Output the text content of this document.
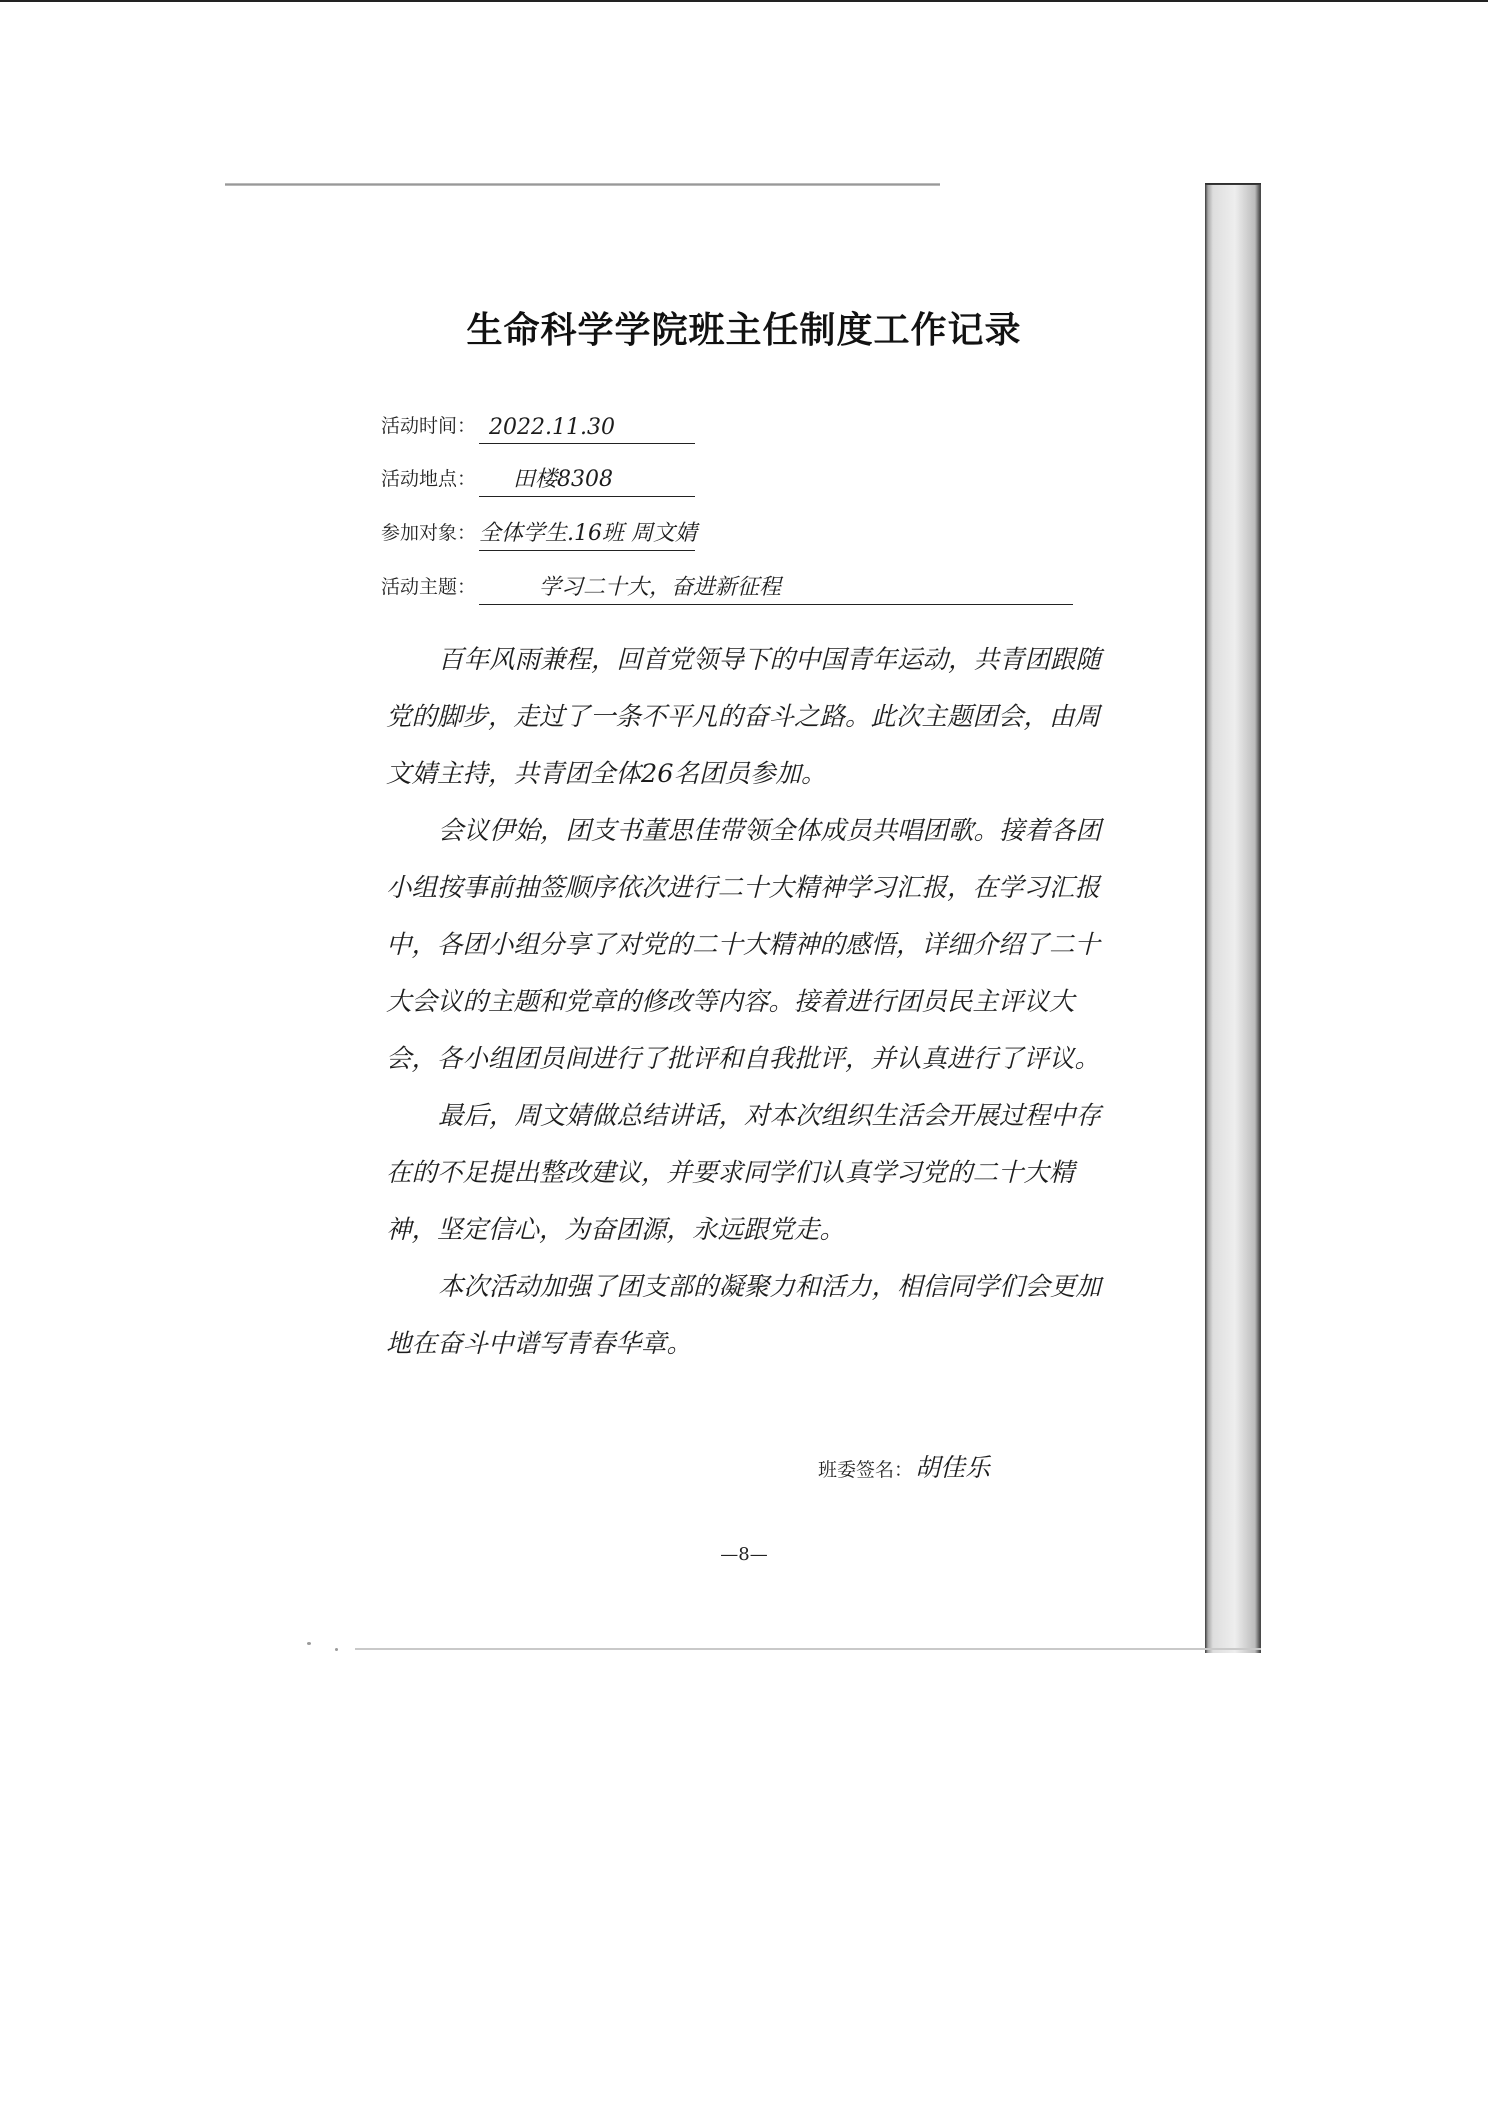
生命科学学院班主任制度工作记录
活动时间： 2022.11.30
活动地点： 田楼8308
参加对象： 全体学生.16班 周文婧
活动主题：	学习二十大，奋进新征程

百年风雨兼程，回首党领导下的中国青年运动，共青团跟随党的脚步，走过了一条不平凡的奋斗之路。此次主题团会，由周文婧主持，共青团全体26名团员参加。

会议伊始，团支书董思佳带领全体成员共唱团歌。接着各团小组按事前抽签顺序依次进行二十大精神学习汇报，在学习汇报中，各团小组分享了对党的二十大精神的感悟，详细介绍了二十大会议的主题和党章的修改等内容。接着进行团员民主评议大会，各小组团员间进行了批评和自我批评，并认真进行了评议。

最后，周文婧做总结讲话，对本次组织生活会开展过程中存在的不足提出整改建议，并要求同学们认真学习党的二十大精神，坚定信心，为奋团源，永远跟党走。

本次活动加强了团支部的凝聚力和活力，相信同学们会更加地在奋斗中谱写青春华章。

班委签名：胡佳乐
—8—
